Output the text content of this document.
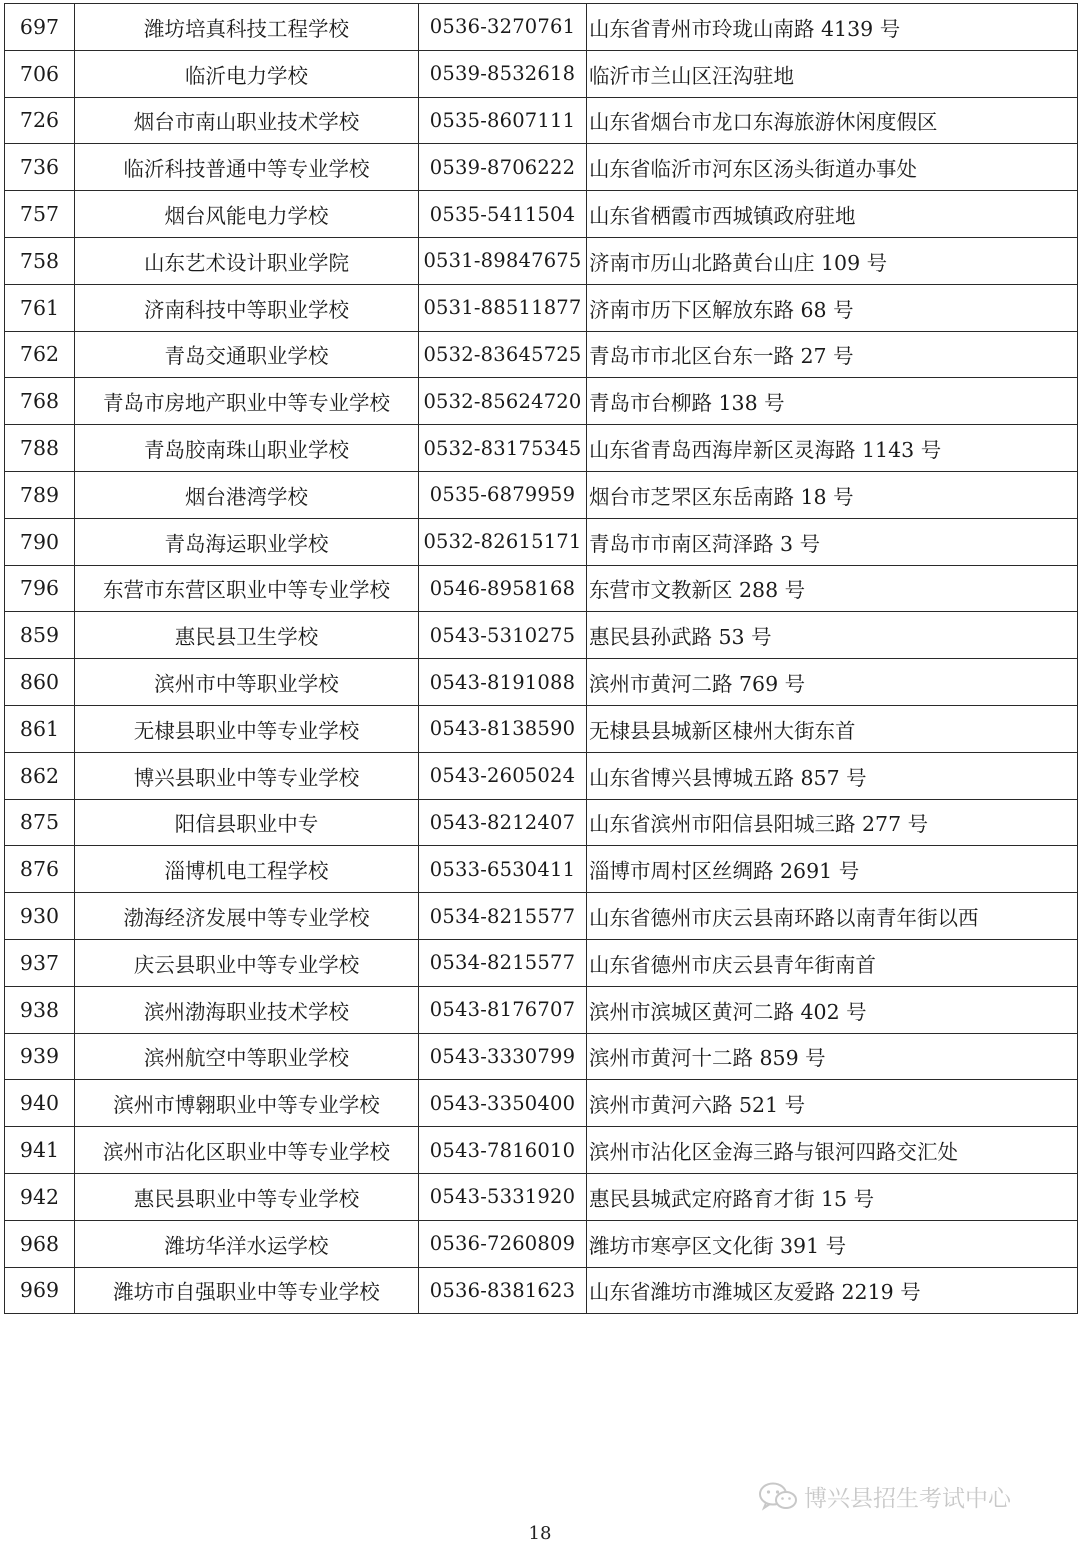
697	潍坊培真科技工程学校	0536-3270761	山东省青州市玲珑山南路 4139 号
706	临沂电力学校	0539-8532618	临沂市兰山区汪沟驻地
726	烟台市南山职业技术学校	0535-8607111	山东省烟台市龙口东海旅游休闲度假区
736	临沂科技普通中等专业学校	0539-8706222	山东省临沂市河东区汤头街道办事处
757	烟台风能电力学校	0535-5411504	山东省栖霞市西城镇政府驻地
758	山东艺术设计职业学院	0531-89847675	济南市历山北路黄台山庄 109 号
761	济南科技中等职业学校	0531-88511877	济南市历下区解放东路 68 号
762	青岛交通职业学校	0532-83645725	青岛市市北区台东一路 27 号
768	青岛市房地产职业中等专业学校	0532-85624720	青岛市台柳路 138 号
788	青岛胶南珠山职业学校	0532-83175345	山东省青岛西海岸新区灵海路 1143 号
789	烟台港湾学校	0535-6879959	烟台市芝罘区东岳南路 18 号
790	青岛海运职业学校	0532-82615171	青岛市市南区菏泽路 3 号
796	东营市东营区职业中等专业学校	0546-8958168	东营市文教新区 288 号
859	惠民县卫生学校	0543-5310275	惠民县孙武路 53 号
860	滨州市中等职业学校	0543-8191088	滨州市黄河二路 769 号
861	无棣县职业中等专业学校	0543-8138590	无棣县县城新区棣州大街东首
862	博兴县职业中等专业学校	0543-2605024	山东省博兴县博城五路 857 号
875	阳信县职业中专	0543-8212407	山东省滨州市阳信县阳城三路 277 号
876	淄博机电工程学校	0533-6530411	淄博市周村区丝绸路 2691 号
930	渤海经济发展中等专业学校	0534-8215577	山东省德州市庆云县南环路以南青年街以西
937	庆云县职业中等专业学校	0534-8215577	山东省德州市庆云县青年街南首
938	滨州渤海职业技术学校	0543-8176707	滨州市滨城区黄河二路 402 号
939	滨州航空中等职业学校	0543-3330799	滨州市黄河十二路 859 号
940	滨州市博翱职业中等专业学校	0543-3350400	滨州市黄河六路 521 号
941	滨州市沾化区职业中等专业学校	0543-7816010	滨州市沾化区金海三路与银河四路交汇处
942	惠民县职业中等专业学校	0543-5331920	惠民县城武定府路育才街 15 号
968	潍坊华洋水运学校	0536-7260809	潍坊市寒亭区文化街 391 号
969	潍坊市自强职业中等专业学校	0536-8381623	山东省潍坊市潍城区友爱路 2219 号
博兴县招生考试中心
18
